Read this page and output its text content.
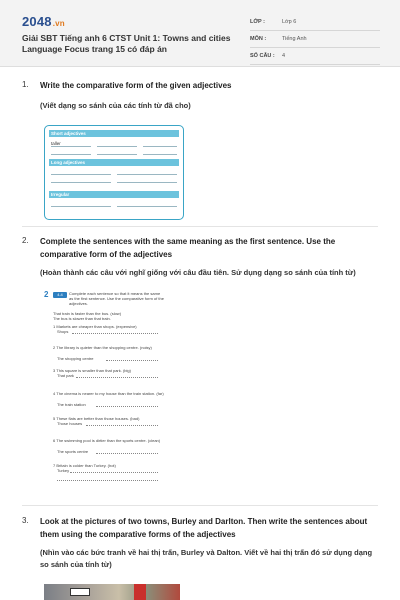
2048.vn
Giải SBT Tiếng anh 6 CTST Unit 1: Towns and cities Language Focus trang 15 có đáp án
LỚP :	Lớp 6
MÔN :	Tiếng Anh
SỐ CÂU :	4
1. Write the comparative form of the given adjectives
(Viết dạng so sánh của các tính từ đã cho)
Short adjectives
taller
Long adjectives
Irregular
2. Complete the sentences with the same meaning as the first sentence. Use the comparative form of the adjectives
(Hoàn thành các câu với nghĩ giống với câu đầu tiên. Sử dụng dạng so sánh của tính từ)
2	4.4	Complete each sentence so that it means the same as the first sentence. Use the comparative form of the adjectives.
That train is faster than the bus. (slow)
The bus is slower than that train.
1 Markets are cheaper than shops. (expensive)
Shops
2 The library is quieter than the shopping centre. (noisy)
The shopping centre
3 This square is smaller than that park. (big)
That park
4 The cinema is nearer to my house than the train station. (far)
The train station
5 These flats are better than those houses. (bad)
Those houses
6 The swimming pool is dirtier than the sports centre. (clean)
The sports centre
7 Britain is colder than Turkey. (hot)
Turkey
3. Look at the pictures of two towns, Burley and Darlton. Then write the sentences about them using the comparative forms of the adjectives
(Nhìn vào các bức tranh về hai thị trấn, Burley và Dalton. Viết về hai thị trấn đó sử dụng dạng so sánh của tính từ)
